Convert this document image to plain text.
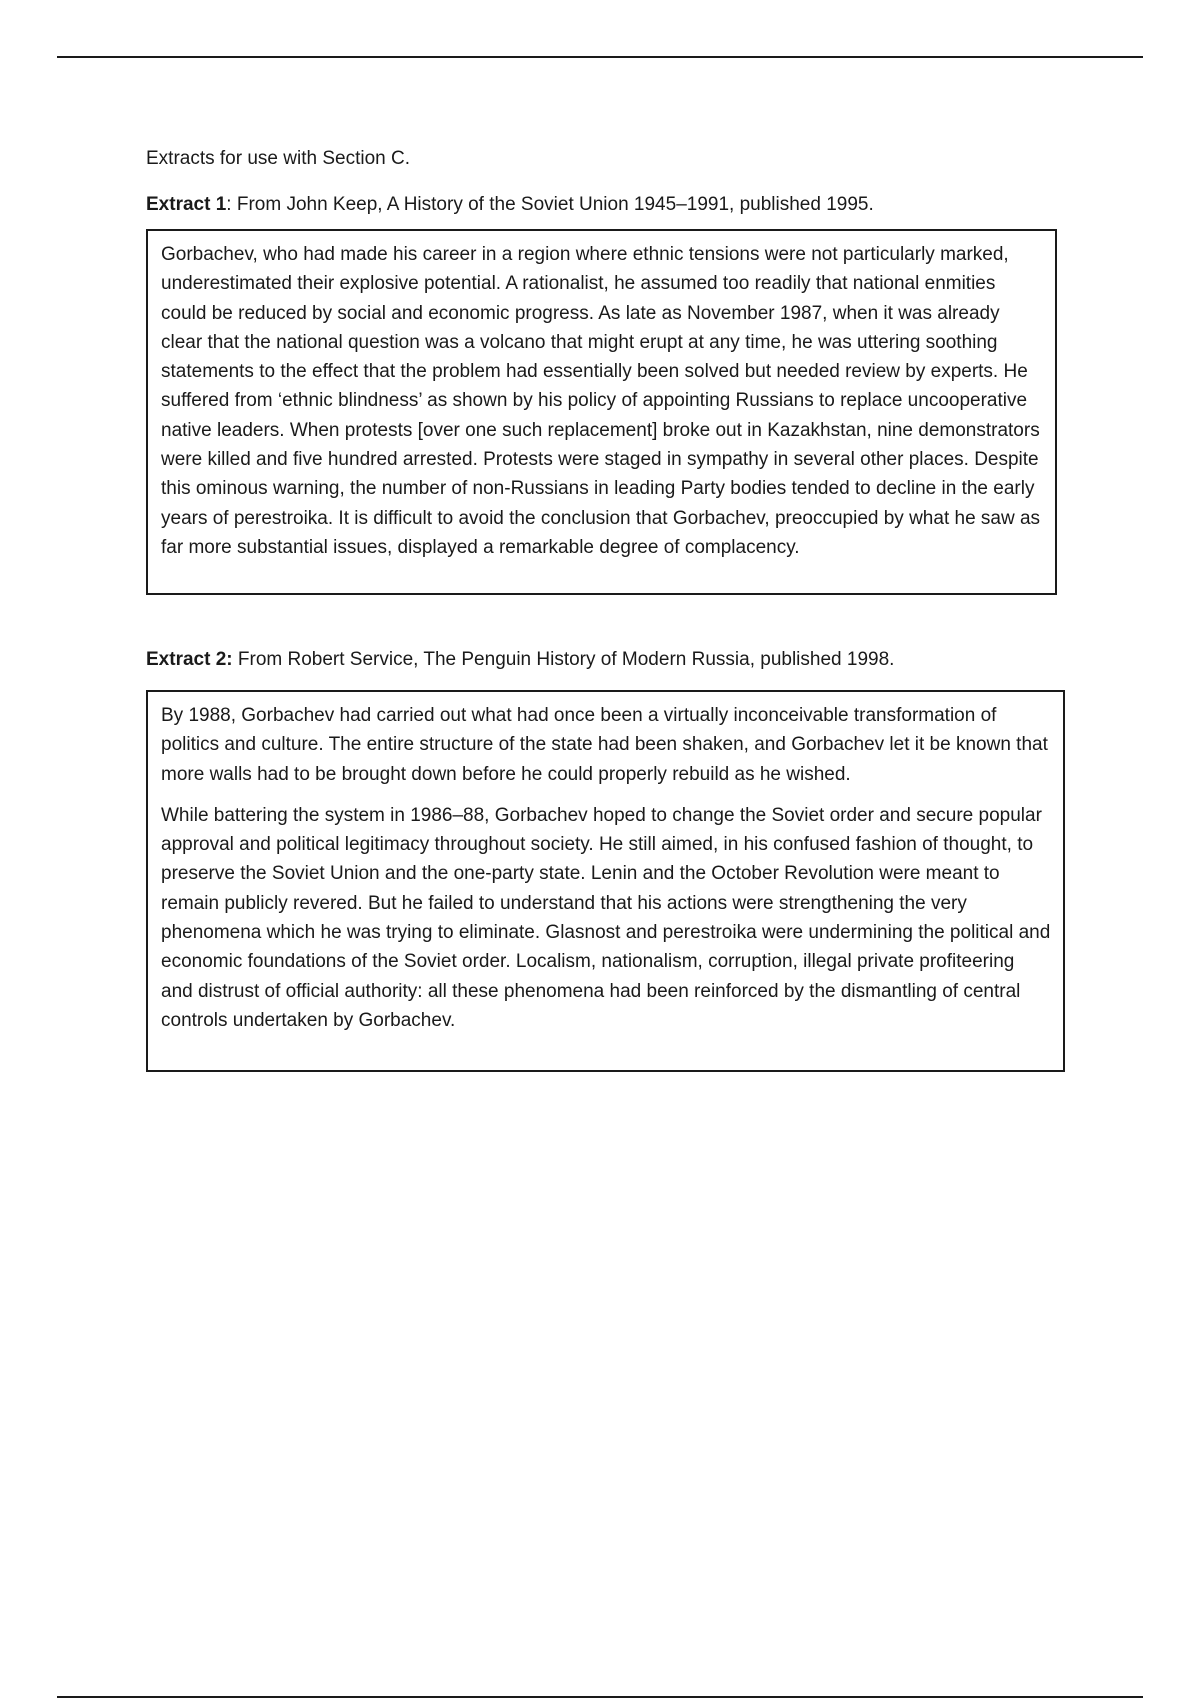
Extracts for use with Section C.

Extract 1: From John Keep, A History of the Soviet Union 1945–1991, published 1995.

Gorbachev, who had made his career in a region where ethnic tensions were not particularly marked, underestimated their explosive potential. A rationalist, he assumed too readily that national enmities could be reduced by social and economic progress. As late as November 1987, when it was already clear that the national question was a volcano that might erupt at any time, he was uttering soothing statements to the effect that the problem had essentially been solved but needed review by experts. He suffered from ‘ethnic blindness’ as shown by his policy of appointing Russians to replace uncooperative native leaders. When protests [over one such replacement] broke out in Kazakhstan, nine demonstrators were killed and five hundred arrested. Protests were staged in sympathy in several other places. Despite this ominous warning, the number of non-Russians in leading Party bodies tended to decline in the early years of perestroika. It is difficult to avoid the conclusion that Gorbachev, preoccupied by what he saw as far more substantial issues, displayed a remarkable degree of complacency.

Extract 2: From Robert Service, The Penguin History of Modern Russia, published 1998.

By 1988, Gorbachev had carried out what had once been a virtually inconceivable transformation of politics and culture. The entire structure of the state had been shaken, and Gorbachev let it be known that more walls had to be brought down before he could properly rebuild as he wished.

While battering the system in 1986–88, Gorbachev hoped to change the Soviet order and secure popular approval and political legitimacy throughout society. He still aimed, in his confused fashion of thought, to preserve the Soviet Union and the one-party state. Lenin and the October Revolution were meant to remain publicly revered. But he failed to understand that his actions were strengthening the very phenomena which he was trying to eliminate. Glasnost and perestroika were undermining the political and economic foundations of the Soviet order. Localism, nationalism, corruption, illegal private profiteering and distrust of official authority: all these phenomena had been reinforced by the dismantling of central controls undertaken by Gorbachev.
